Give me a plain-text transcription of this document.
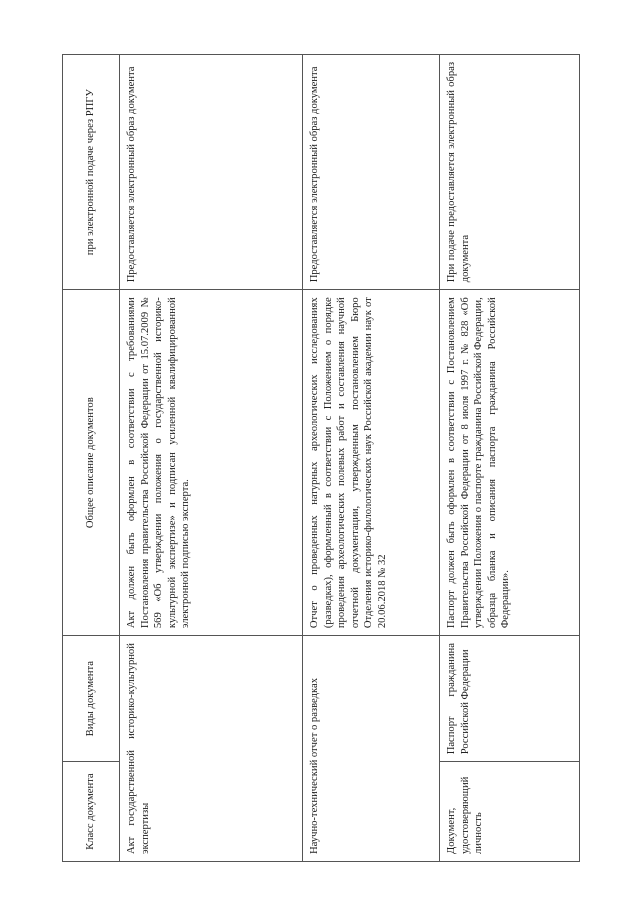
Класс документа	Виды документа	Общее описание документов	при электронной подаче через РПГУ
Акт государственной историко-культурной экспертизы		Акт должен быть оформлен в соответствии с требованиями Постановления правительства Российской Федерации от 15.07.2009 № 569 «Об утверждении положения о государственной историко-культурной экспертизе» и подписан усиленной квалифицированной электронной подписью эксперта.	Предоставляется электронный образ документа
Научно-технический отчет о разведках		Отчет о проведенных натурных археологических исследованиях (разведках), оформленный в соответствии с Положением о порядке проведения археологических полевых работ и составления научной отчетной документации, утвержденным постановлением Бюро Отделения историко-филологических наук Российской академии наук от 20.06.2018 № 32	Предоставляется электронный образ документа
Документ, удостоверяющий личность	Паспорт гражданина Российской Федерации	Паспорт должен быть оформлен в соответствии с Постановлением Правительства Российской Федерации от 8 июля 1997 г. № 828 «Об утверждении Положения о паспорте гражданина Российской Федерации, образца бланка и описания паспорта гражданина Российской Федерации».	При подаче предоставляется электронный образ документа
